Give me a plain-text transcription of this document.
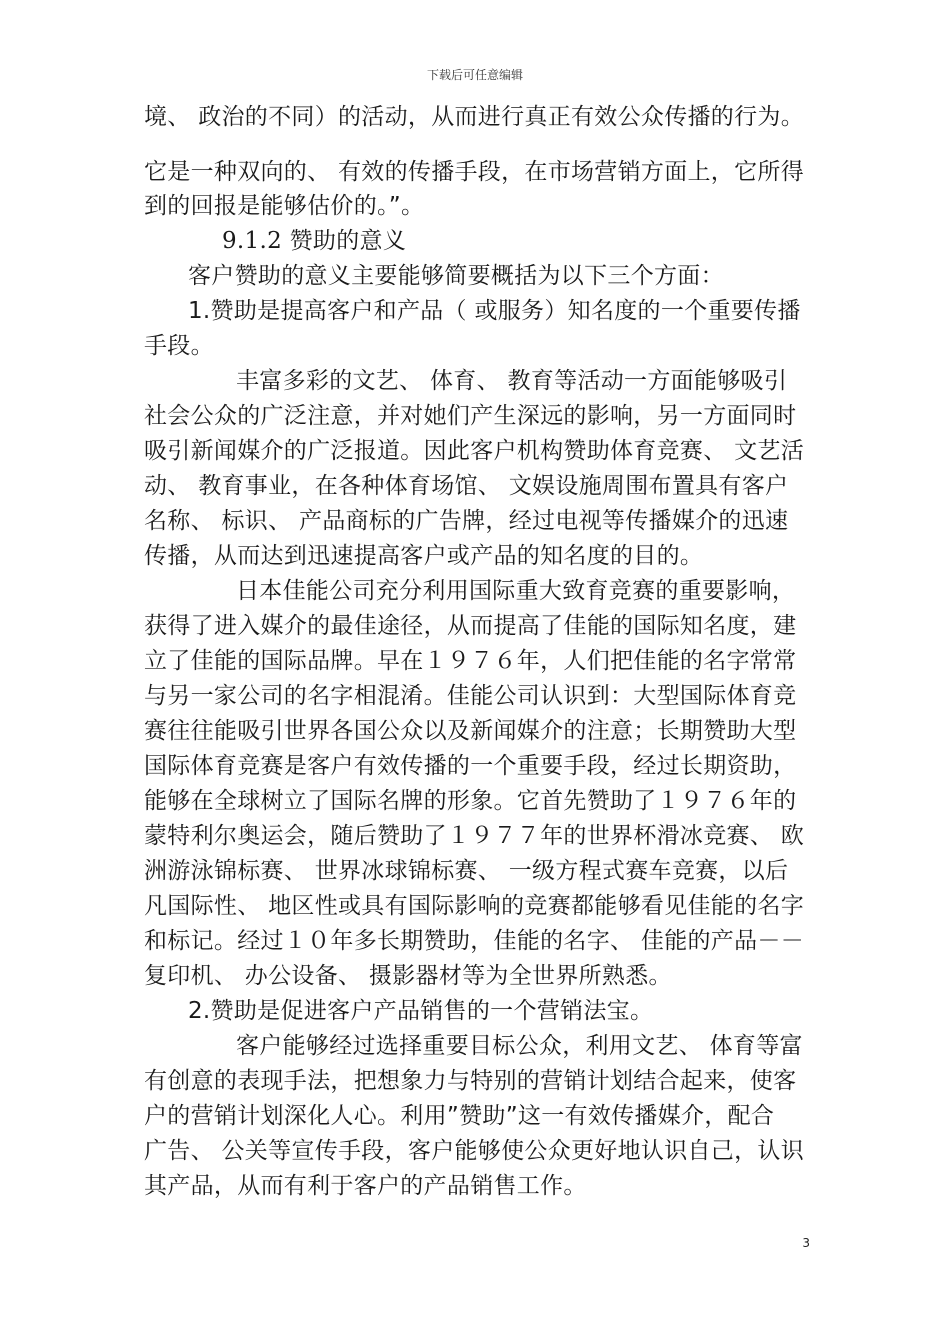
下载后可任意编辑
境、 政治的不同）的活动，从而进行真正有效公众传播的行为。
它是一种双向的、 有效的传播手段，在市场营销方面上，它所得
到的回报是能够估价的。”。
9.1.2 赞助的意义
客户赞助的意义主要能够简要概括为以下三个方面：
1.赞助是提高客户和产品（ 或服务）知名度的一个重要传播
手段。
丰富多彩的文艺、 体育、 教育等活动一方面能够吸引
社会公众的广泛注意，并对她们产生深远的影响，另一方面同时
吸引新闻媒介的广泛报道。因此客户机构赞助体育竞赛、 文艺活
动、 教育事业，在各种体育场馆、 文娱设施周围布置具有客户
名称、 标识、 产品商标的广告牌，经过电视等传播媒介的迅速
传播，从而达到迅速提高客户或产品的知名度的目的。
日本佳能公司充分利用国际重大致育竞赛的重要影响，
获得了进入媒介的最佳途径，从而提高了佳能的国际知名度，建
立了佳能的国际品牌。早在１９７６年，人们把佳能的名字常常
与另一家公司的名字相混淆。佳能公司认识到：大型国际体育竞
赛往往能吸引世界各国公众以及新闻媒介的注意；长期赞助大型
国际体育竞赛是客户有效传播的一个重要手段，经过长期资助，
能够在全球树立了国际名牌的形象。它首先赞助了１９７６年的
蒙特利尔奥运会，随后赞助了１９７７年的世界杯滑冰竞赛、 欧
洲游泳锦标赛、 世界冰球锦标赛、 一级方程式赛车竞赛，以后
凡国际性、 地区性或具有国际影响的竞赛都能够看见佳能的名字
和标记。经过１０年多长期赞助，佳能的名字、 佳能的产品－－
复印机、 办公设备、 摄影器材等为全世界所熟悉。
2.赞助是促进客户产品销售的一个营销法宝。
客户能够经过选择重要目标公众，利用文艺、 体育等富
有创意的表现手法，把想象力与特别的营销计划结合起来，使客
户的营销计划深化人心。利用”赞助”这一有效传播媒介，配合
广告、 公关等宣传手段，客户能够使公众更好地认识自己，认识
其产品，从而有利于客户的产品销售工作。
3
